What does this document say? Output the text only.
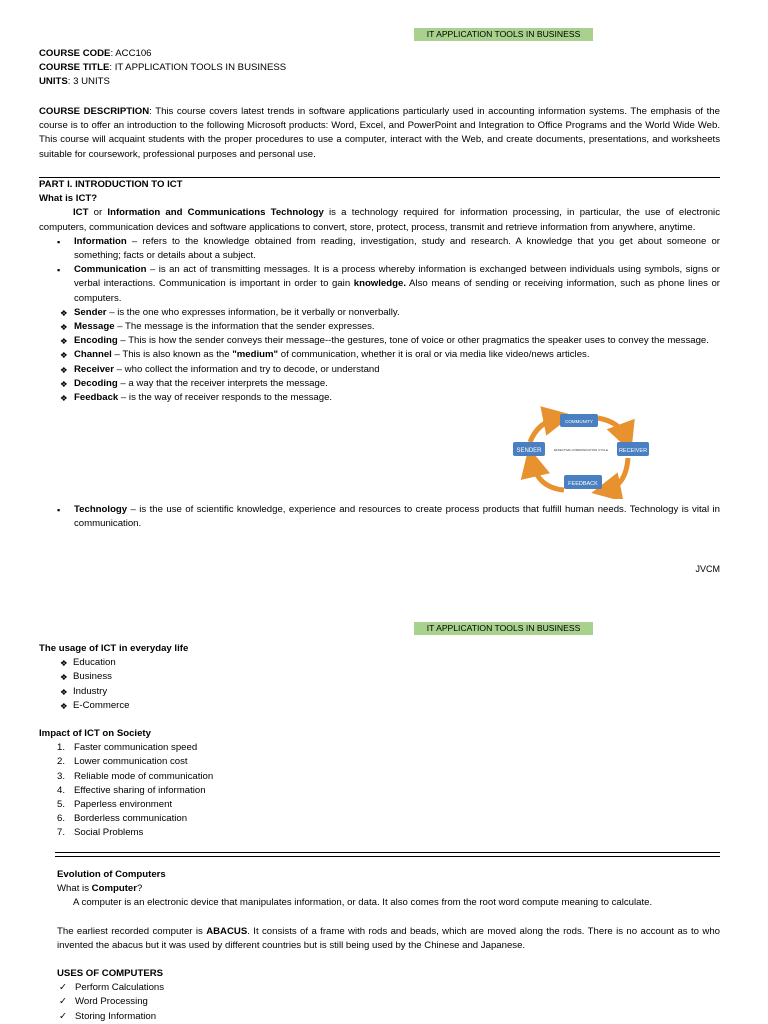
IT APPLICATION TOOLS IN BUSINESS

COURSE CODE: ACC106

COURSE TITLE: IT APPLICATION TOOLS IN BUSINESS

UNITS: 3 UNITS

COURSE DESCRIPTION: This course covers latest trends in software applications particularly used in accounting information systems. The emphasis of the course is to offer an introduction to the following Microsoft products: Word, Excel, and PowerPoint and Integration to Office Programs and the World Wide Web. This course will acquaint students with the proper procedures to use a computer, interact with the Web, and create documents, presentations, and worksheets suitable for coursework, professional purposes and personal use.

PART I. INTRODUCTION TO ICT

What is ICT?

ICT or Information and Communications Technology is a technology required for information processing, in particular, the use of electronic computers, communication devices and software applications to convert, store, protect, process, transmit and retrieve information from anywhere, anytime.

▪ Information – refers to the knowledge obtained from reading, investigation, study and research. A knowledge that you get about someone or something; facts or details about a subject.
▪ Communication – is an act of transmitting messages. It is a process whereby information is exchanged between individuals using symbols, signs or verbal interactions. Communication is important in order to gain knowledge. Also means of sending or receiving information, such as phone lines or computers.
❖ Sender – is the one who expresses information, be it verbally or nonverbally.
❖ Message – The message is the information that the sender expresses.
❖ Encoding – This is how the sender conveys their message--the gestures, tone of voice or other pragmatics the speaker uses to convey the message.
❖ Channel – This is also known as the "medium" of communication, whether it is oral or via media like video/news articles.
❖ Receiver – who collect the information and try to decode, or understand
❖ Decoding – a way that the receiver interprets the message.
❖ Feedback – is the way of receiver responds to the message.
COMMUNITY
SENDER	RECEIVER
FEEDBACK
EFFECTIVE COMMUNICATION CYCLE
▪ Technology – is the use of scientific knowledge, experience and resources to create process products that fulfill human needs. Technology is vital in communication.
JVCM
IT APPLICATION TOOLS IN BUSINESS

The usage of ICT in everyday life

❖ Education
❖ Business
❖ Industry
❖ E-Commerce

Impact of ICT on Society

1. Faster communication speed
2. Lower communication cost
3. Reliable mode of communication
4. Effective sharing of information
5. Paperless environment
6. Borderless communication
7. Social Problems

Evolution of Computers

What is Computer?

A computer is an electronic device that manipulates information, or data. It also comes from the root word compute meaning to calculate.

The earliest recorded computer is ABACUS. It consists of a frame with rods and beads, which are moved along the rods. There is no account as to who invented the abacus but it was used by different countries but is still being used by the Chinese and Japanese.

USES OF COMPUTERS

✓ Perform Calculations
✓ Word Processing
✓ Storing Information
